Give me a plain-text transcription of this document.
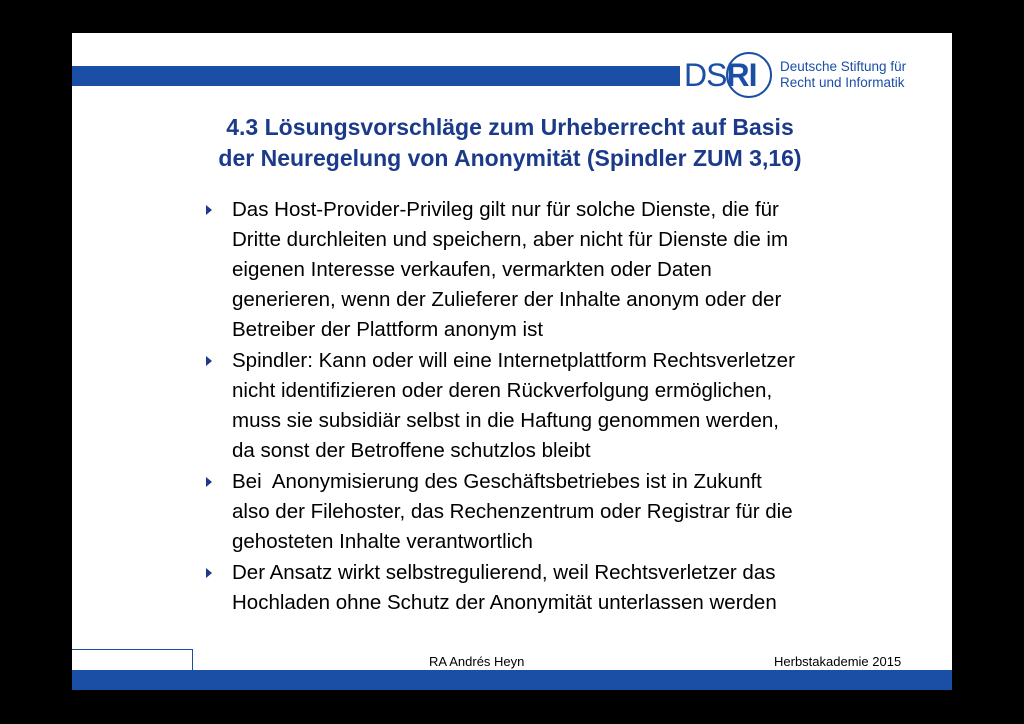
DSRI Deutsche Stiftung für
Recht und Informatik
4.3 Lösungsvorschläge zum Urheberrecht auf Basis
der Neuregelung von Anonymität (Spindler ZUM 3,16)
Das Host-Provider-Privileg gilt nur für solche Dienste, die für
Dritte durchleiten und speichern, aber nicht für Dienste die im
eigenen Interesse verkaufen, vermarkten oder Daten
generieren, wenn der Zulieferer der Inhalte anonym oder der
Betreiber der Plattform anonym ist
Spindler: Kann oder will eine Internetplattform Rechtsverletzer
nicht identifizieren oder deren Rückverfolgung ermöglichen,
muss sie subsidiär selbst in die Haftung genommen werden,
da sonst der Betroffene schutzlos bleibt
Bei  Anonymisierung des Geschäftsbetriebes ist in Zukunft
also der Filehoster, das Rechenzentrum oder Registrar für die
gehosteten Inhalte verantwortlich
Der Ansatz wirkt selbstregulierend, weil Rechtsverletzer das
Hochladen ohne Schutz der Anonymität unterlassen werden
RA Andrés Heyn	Herbstakademie 2015
